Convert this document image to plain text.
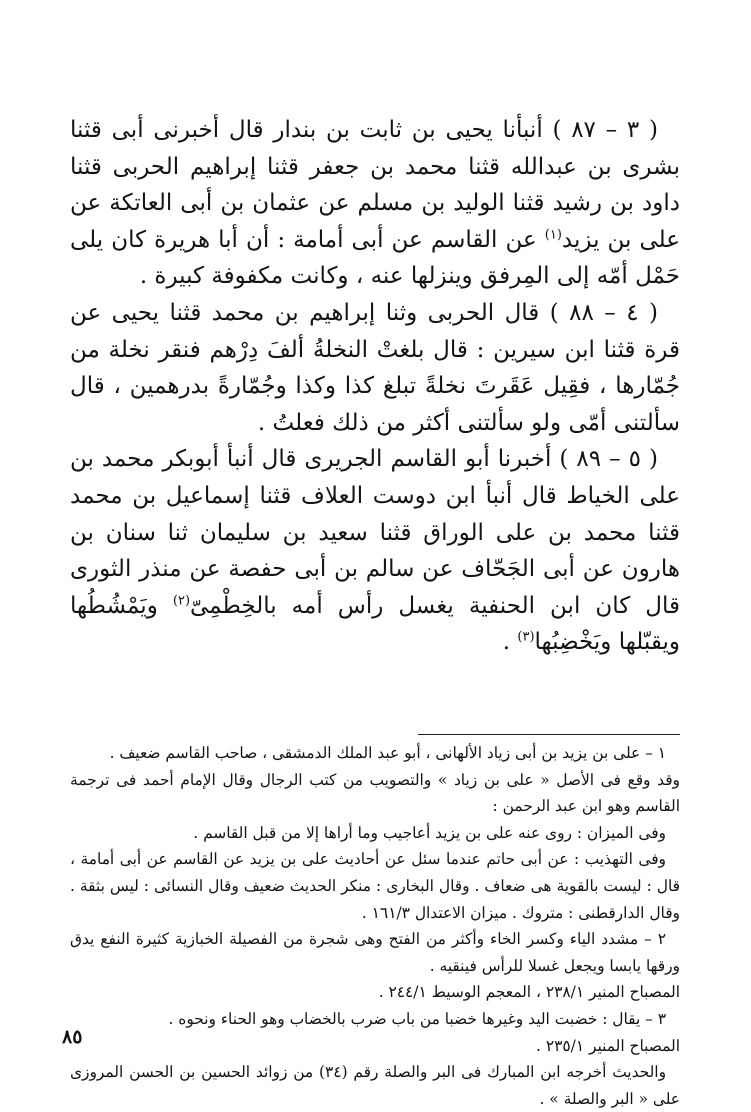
( ٣ – ٨٧ ) أنبأنا يحيى بن ثابت بن بندار قال أخبرنى أبى قثنا بشرى بن عبدالله قثنا محمد بن جعفر قثنا إبراهيم الحربى قثنا داود بن رشيد قثنا الوليد بن مسلم عن عثمان بن أبى العاتكة عن على بن يزيد$^{(١)}$ عن القاسم عن أبى أمامة : أن أبا هريرة كان يلى حَمْل أمّه إلى المِرفق وينزلها عنه ، وكانت مكفوفة كبيرة .

( ٤ – ٨٨ ) قال الحربى وثنا إبراهيم بن محمد قثنا يحيى عن قرة قثنا ابن سيرين : قال بلغتْ النخلةُ ألفَ دِرْهم فنقر نخلة من جُمّارها ، فقِيل عَقَرتَ نخلةً تبلغ كذا وكذا وجُمّارةً بدرهمين ، قال سألتنى أمّى ولو سألتنى أكثر من ذلك فعلتُ .

( ٥ – ٨٩ ) أخبرنا أبو القاسم الجريرى قال أنبأ أبوبكر محمد بن على الخياط قال أنبأ ابن دوست العلاف قثنا إسماعيل بن محمد قثنا محمد بن على الوراق قثنا سعيد بن سليمان ثنا سنان بن هارون عن أبى الجَحّاف عن سالم بن أبى حفصة عن منذر الثورى قال كان ابن الحنفية يغسل رأس أمه بالخِطْمِىّ$^{(٢)}$ ويَمْشُطُها ويقبّلها ويَخْضِبُها$^{(٣)}$ .

١ – على بن يزيد بن أبى زياد الألهانى ، أبو عبد الملك الدمشقى ، صاحب القاسم ضعيف .

وقد وقع فى الأصل « على بن زياد » والتصويب من كتب الرجال وقال الإمام أحمد فى ترجمة القاسم وهو ابن عبد الرحمن :

وفى الميزان : روى عنه على بن يزيد أعاجيب وما أراها إلا من قبل القاسم .

وفى التهذيب : عن أبى حاتم عندما سئل عن أحاديث على بن يزيد عن القاسم عن أبى أمامة ، قال : ليست بالقوية هى ضعاف . وقال البخارى : منكر الحديث ضعيف وقال النسائى : ليس بثقة . وقال الدارقطنى : متروك . ميزان الاعتدال ١٦١/٣ .

٢ – مشدد الياء وكسر الخاء وأكثر من الفتح وهى شجرة من الفصيلة الخبازية كثيرة النفع يدق ورقها يابسا ويجعل غسلا للرأس فينقيه .

المصباح المنير ٢٣٨/١ ، المعجم الوسيط ٢٤٤/١ .

٣ – يقال : خضبت اليد وغيرها خضبا من باب ضرب بالخضاب وهو الحناء ونحوه .

المصباح المنير ٢٣٥/١ .

والحديث أخرجه ابن المبارك فى البر والصلة رقم (٣٤) من زوائد الحسين بن الحسن المروزى على « البر والصلة » .

٨٥
